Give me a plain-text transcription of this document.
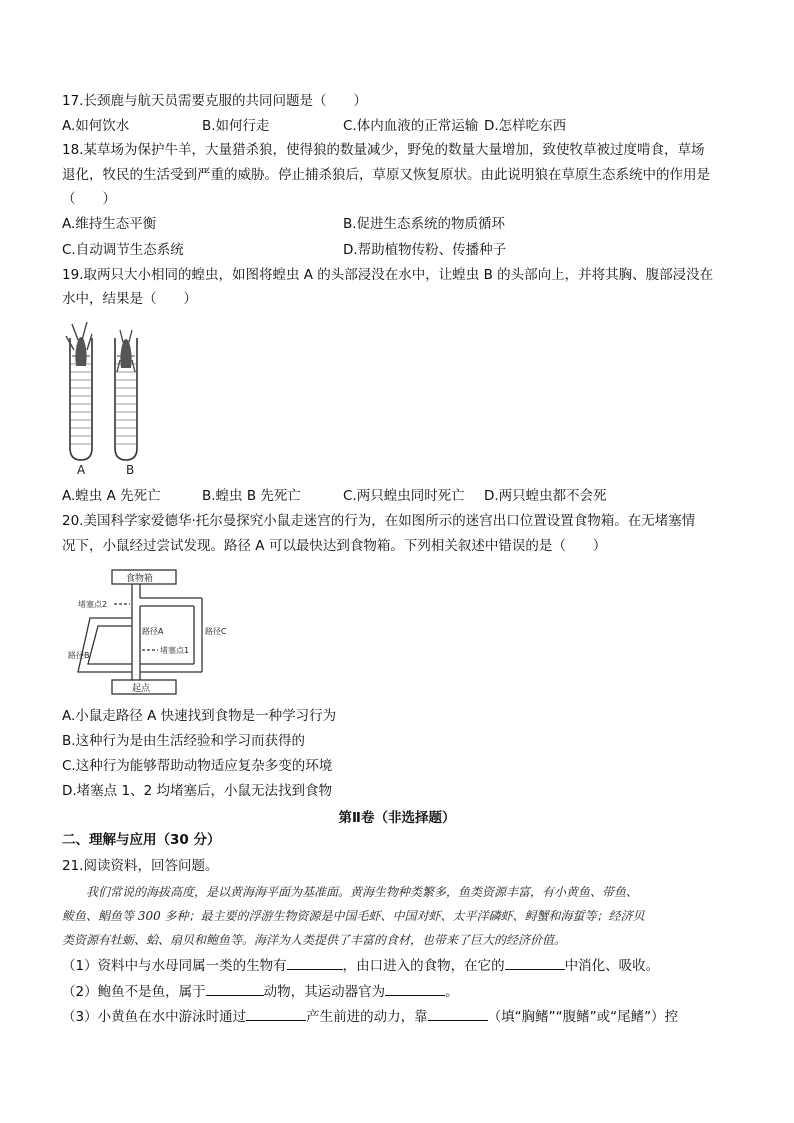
17.长颈鹿与航天员需要克服的共同问题是（　　）
A.如何饮水	B.如何行走	C.体内血液的正常运输 D.怎样吃东西
18.某草场为保护牛羊，大量猎杀狼，使得狼的数量减少，野兔的数量大量增加，致使牧草被过度啃食，草场
退化，牧民的生活受到严重的威胁。停止捕杀狼后，草原又恢复原状。由此说明狼在草原生态系统中的作用是
（　　）
A.维持生态平衡	B.促进生态系统的物质循环
C.自动调节生态系统	D.帮助植物传粉、传播种子
19.取两只大小相同的蝗虫，如图将蝗虫 A 的头部浸没在水中，让蝗虫 B 的头部向上，并将其胸、腹部浸没在
水中，结果是（　　）
A	B
A.蝗虫 A 先死亡	B.蝗虫 B 先死亡	C.两只蝗虫同时死亡 D.两只蝗虫都不会死
20.美国科学家爱德华·托尔曼探究小鼠走迷宫的行为，在如图所示的迷宫出口位置设置食物箱。在无堵塞情
况下，小鼠经过尝试发现。路径 A 可以最快达到食物箱。下列相关叙述中错误的是（　　）
食物箱
起点
堵塞点2
堵塞点1
路径A
路径B
路径C
A.小鼠走路径 A 快速找到食物是一种学习行为
B.这种行为是由生活经验和学习而获得的
C.这种行为能够帮助动物适应复杂多变的环境
D.堵塞点 1、2 均堵塞后，小鼠无法找到食物
第Ⅱ卷（非选择题）
二、理解与应用（30 分）
21.阅读资料，回答问题。
我们常说的海拔高度，是以黄海海平面为基准面。黄海生物种类繁多，鱼类资源丰富，有小黄鱼、带鱼、
鲅鱼、鲳鱼等 300 多种；最主要的浮游生物资源是中国毛虾、中国对虾、太平洋磷虾、鲟蟹和海蜇等；经济贝
类资源有牡蛎、蛤、扇贝和鲍鱼等。海洋为人类提供了丰富的食材，也带来了巨大的经济价值。
（1）资料中与水母同属一类的生物有	，由口进入的食物，在它的	中消化、吸收。
（2）鲍鱼不是鱼，属于	动物，其运动器官为	。
（3）小黄鱼在水中游泳时通过	产生前进的动力，靠	（填“胸鳍”“腹鳍”或“尾鳍”）控
